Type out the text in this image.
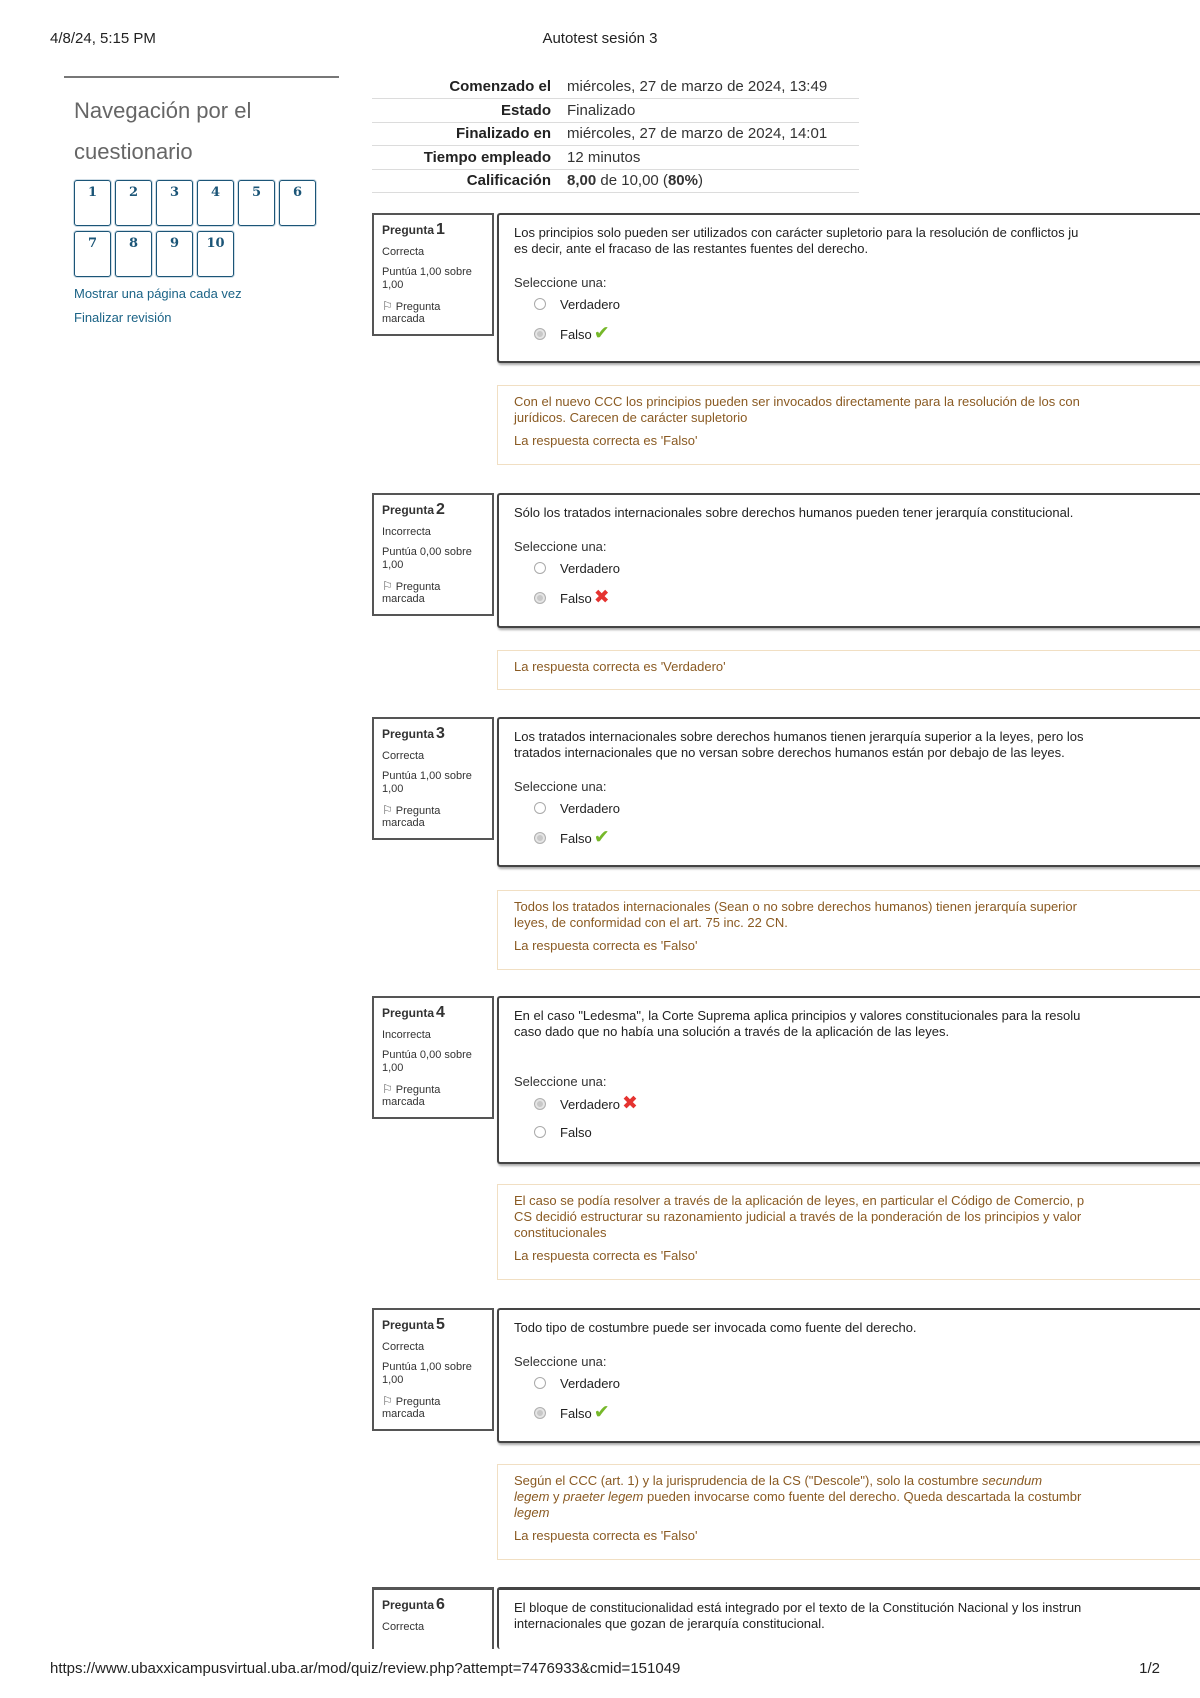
4/8/24, 5:15 PM	Autotest sesión 3
https://www.ubaxxicampusvirtual.uba.ar/mod/quiz/review.php?attempt=7476933&cmid=151049	1/2
Navegación por el
cuestionario
1	2	3	4	5	6
7	8	9	10
Mostrar una página cada vez
Finalizar revisión
Comenzado el	miércoles, 27 de marzo de 2024, 13:49
Estado	Finalizado
Finalizado en	miércoles, 27 de marzo de 2024, 14:01
Tiempo empleado	12 minutos
Calificación	8,00 de 10,00 (80%)
Pregunta 1
Correcta
Puntúa 1,00 sobre 1,00
⚐ Pregunta marcada
Los principios solo pueden ser utilizados con carácter supletorio para la resolución de conflictos ju
es decir, ante el fracaso de las restantes fuentes del derecho.
Seleccione una:
Verdadero
Falso ✔
Con el nuevo CCC los principios pueden ser invocados directamente para la resolución de los con
jurídicos. Carecen de carácter supletorio
La respuesta correcta es 'Falso'
Pregunta 2
Incorrecta
Puntúa 0,00 sobre 1,00
⚐ Pregunta marcada
Sólo los tratados internacionales sobre derechos humanos pueden tener jerarquía constitucional.
Seleccione una:
Verdadero
Falso ✖
La respuesta correcta es 'Verdadero'
Pregunta 3
Correcta
Puntúa 1,00 sobre 1,00
⚐ Pregunta marcada
Los tratados internacionales sobre derechos humanos tienen jerarquía superior a la leyes, pero los
tratados internacionales que no versan sobre derechos humanos están por debajo de las leyes.
Seleccione una:
Verdadero
Falso ✔
Todos los tratados internacionales (Sean o no sobre derechos humanos) tienen jerarquía superior
leyes, de conformidad con el art. 75 inc. 22 CN.
La respuesta correcta es 'Falso'
Pregunta 4
Incorrecta
Puntúa 0,00 sobre 1,00
⚐ Pregunta marcada
En el caso "Ledesma", la Corte Suprema aplica principios y valores constitucionales para la resolu
caso dado que no había una solución a través de la aplicación de las leyes.
Seleccione una:
Verdadero ✖
Falso
El caso se podía resolver a través de la aplicación de leyes, en particular el Código de Comercio, p
CS decidió estructurar su razonamiento judicial a través de la ponderación de los principios y valor
constitucionales
La respuesta correcta es 'Falso'
Pregunta 5
Correcta
Puntúa 1,00 sobre 1,00
⚐ Pregunta marcada
Todo tipo de costumbre puede ser invocada como fuente del derecho.
Seleccione una:
Verdadero
Falso ✔
Según el CCC (art. 1) y la jurisprudencia de la CS ("Descole"), solo la costumbre secundum
legem y praeter legem pueden invocarse como fuente del derecho. Queda descartada la costumbr
legem
La respuesta correcta es 'Falso'
Pregunta 6
Correcta
El bloque de constitucionalidad está integrado por el texto de la Constitución Nacional y los instrun
internacionales que gozan de jerarquía constitucional.
